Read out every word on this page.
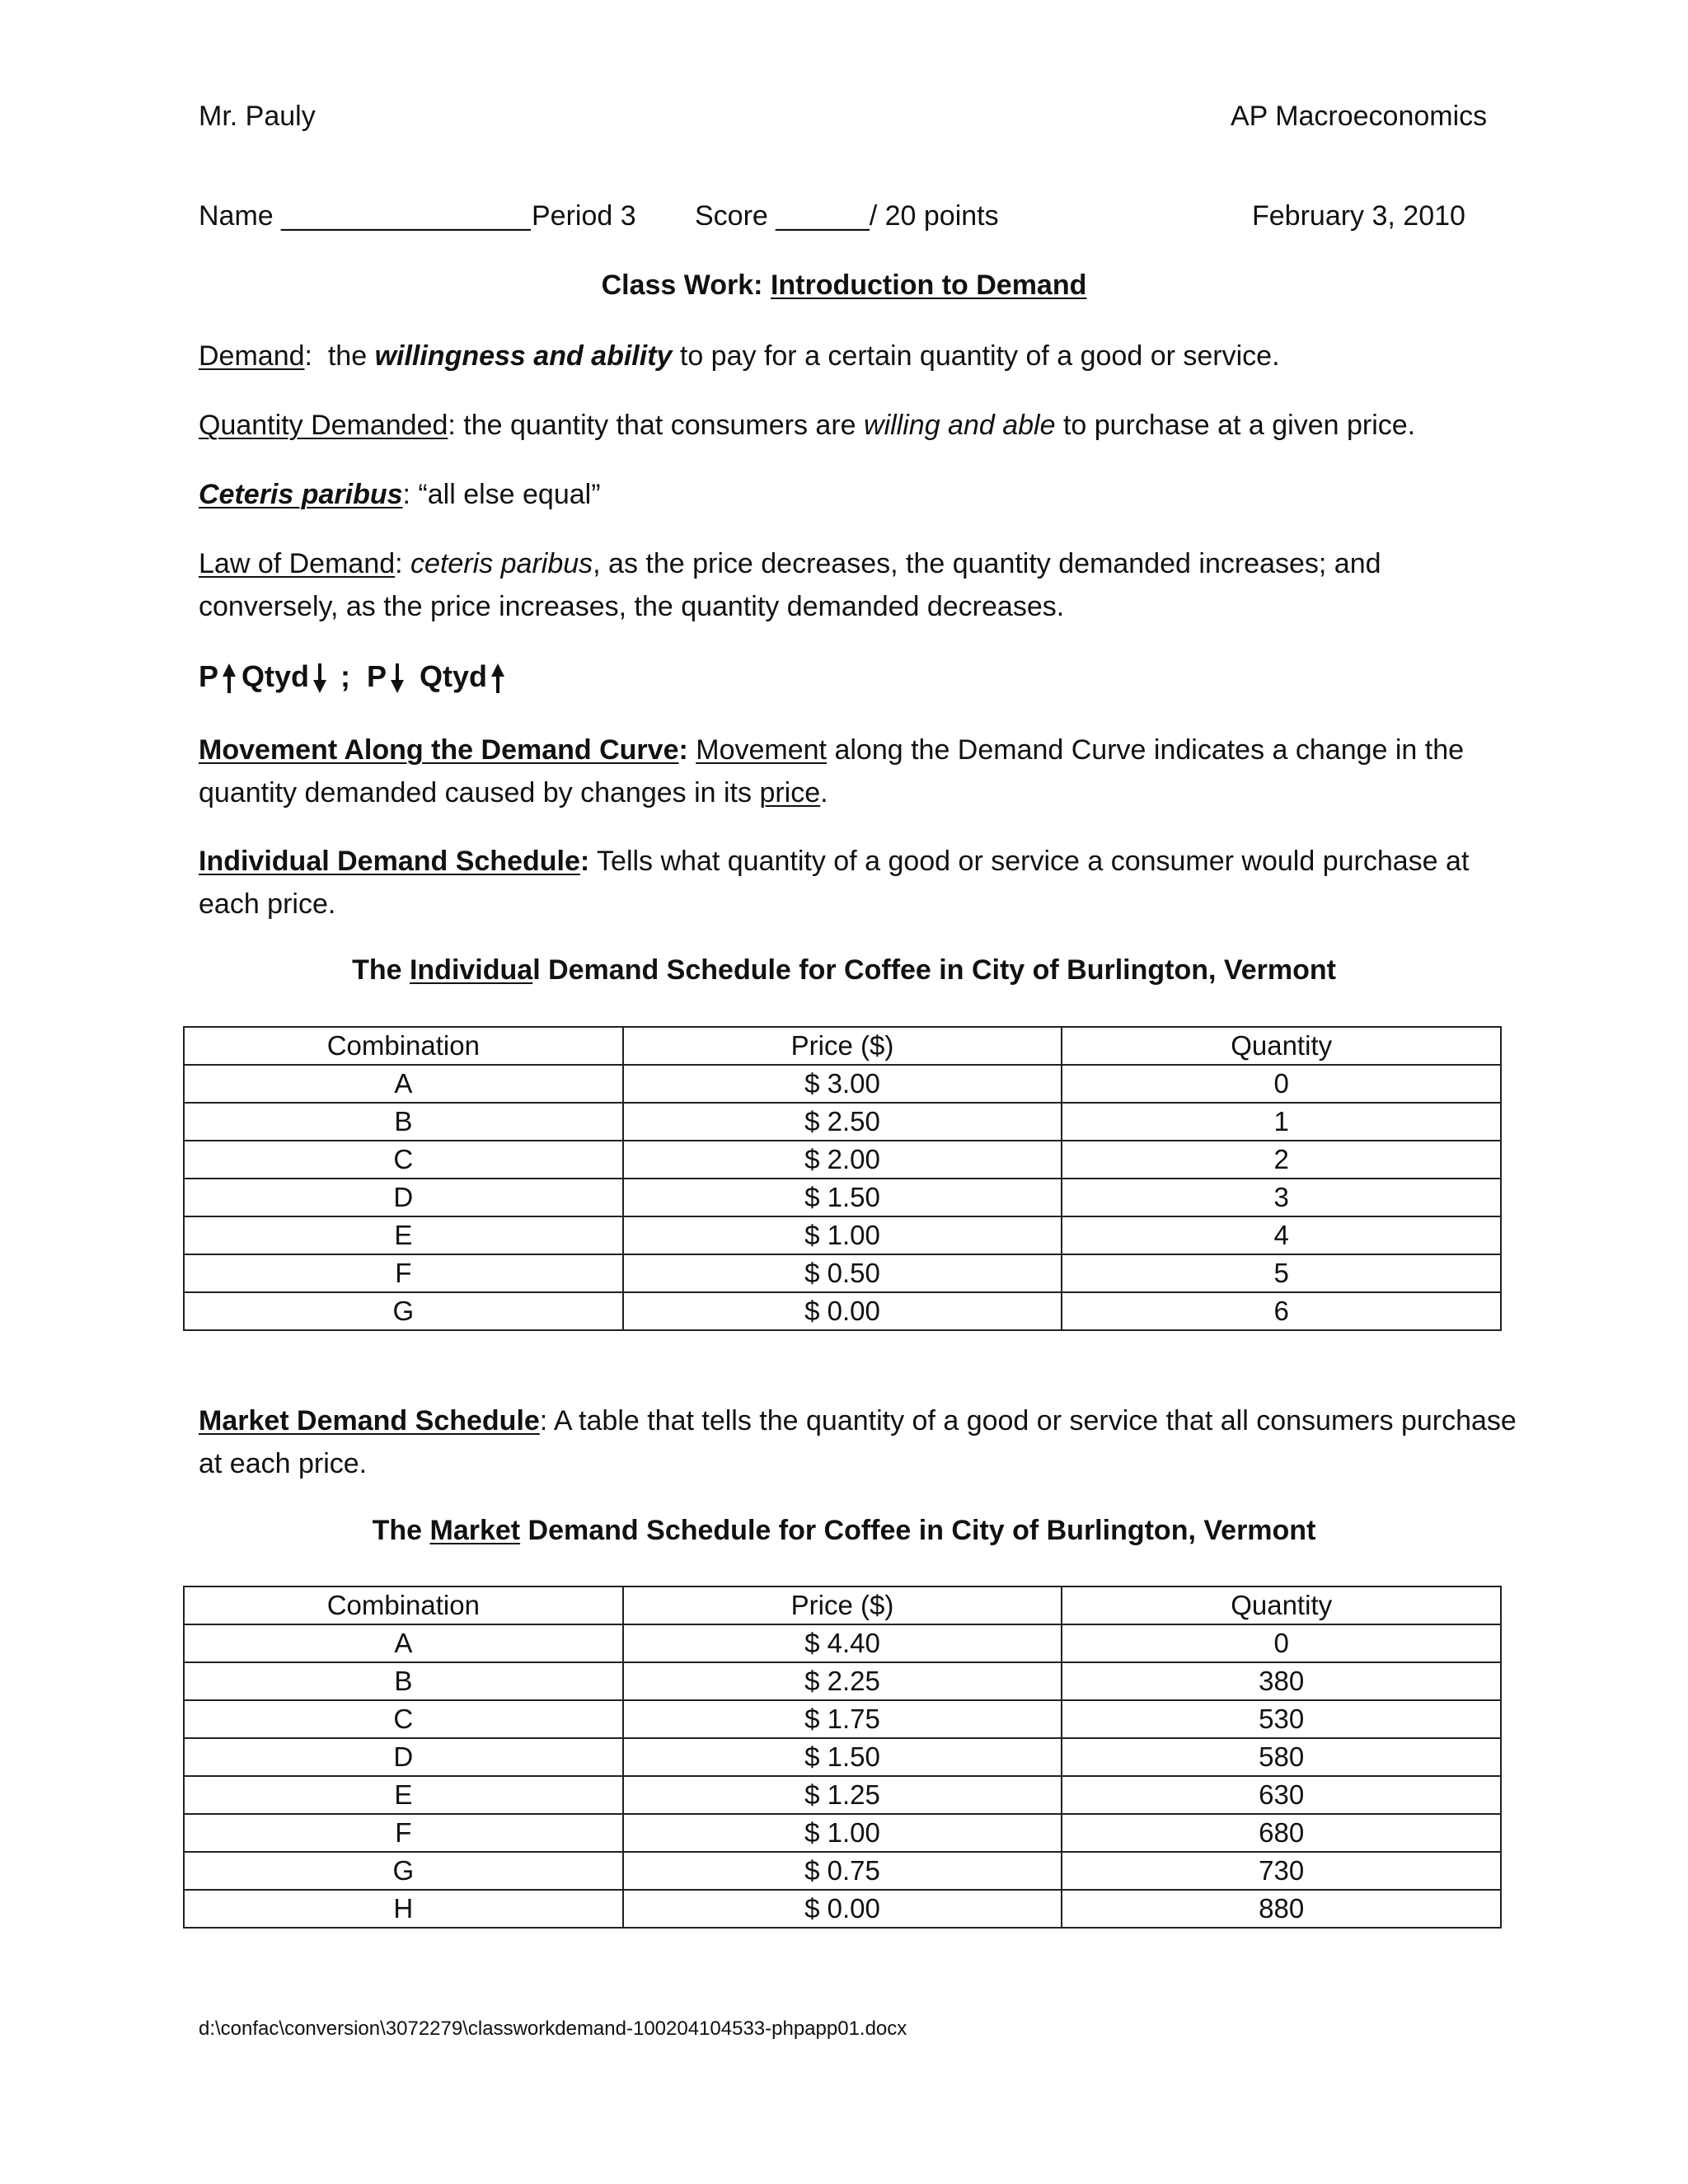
Mr. Pauly	AP Macroeconomics
Name ________________ Period 3 Score ______/ 20 points	February 3, 2010
Class Work: Introduction to Demand
Demand:  the willingness and ability to pay for a certain quantity of a good or service.
Quantity Demanded: the quantity that consumers are willing and able to purchase at a given price.
Ceteris paribus: “all else equal”
Law of Demand: ceteris paribus, as the price decreases, the quantity demanded increases; and conversely, as the price increases, the quantity demanded decreases.
P Qtyd ;  P Qtyd
Movement Along the Demand Curve: Movement along the Demand Curve indicates a change in the quantity demanded caused by changes in its price.
Individual Demand Schedule: Tells what quantity of a good or service a consumer would purchase at each price.
The Individual Demand Schedule for Coffee in City of Burlington, Vermont
Combination	Price ($)	Quantity
A	$ 3.00	0
B	$ 2.50	1
C	$ 2.00	2
D	$ 1.50	3
E	$ 1.00	4
F	$ 0.50	5
G	$ 0.00	6
Market Demand Schedule: A table that tells the quantity of a good or service that all consumers purchase at each price.
The Market Demand Schedule for Coffee in City of Burlington, Vermont
Combination	Price ($)	Quantity
A	$ 4.40	0
B	$ 2.25	380
C	$ 1.75	530
D	$ 1.50	580
E	$ 1.25	630
F	$ 1.00	680
G	$ 0.75	730
H	$ 0.00	880
d:\confac\conversion\3072279\classworkdemand-100204104533-phpapp01.docx
